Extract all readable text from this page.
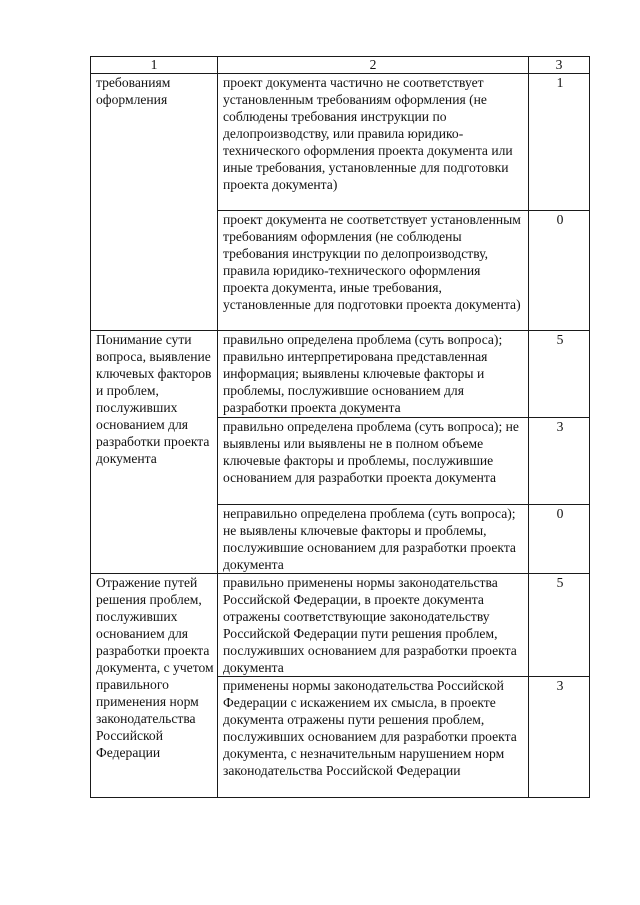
1	2	3
требованиям оформления	проект документа частично не соответствует установленным требованиям оформления (не соблюдены требования инструкции по делопроизводству, или правила юридико-технического оформления проекта документа или иные требования, установленные для подготовки проекта документа)	1
	проект документа не соответствует установленным требованиям оформления (не соблюдены требования инструкции по делопроизводству, правила юридико-технического оформления проекта документа, иные требования, установленные для подготовки проекта документа)	0
Понимание сути вопроса, выявление ключевых факторов и проблем, послуживших основанием для разработки проекта документа	правильно определена проблема (суть вопроса); правильно интерпретирована представленная информация; выявлены ключевые факторы и проблемы, послужившие основанием для разработки проекта документа	5
	правильно определена проблема (суть вопроса); не выявлены или выявлены не в полном объеме ключевые факторы и проблемы, послужившие основанием для разработки проекта документа	3
	неправильно определена проблема (суть вопроса); не выявлены ключевые факторы и проблемы, послужившие основанием для разработки проекта документа	0
Отражение путей решения проблем, послуживших основанием для разработки проекта документа, с учетом правильного применения норм законодательства Российской Федерации	правильно применены нормы законодательства Российской Федерации, в проекте документа отражены соответствующие законодательству Российской Федерации пути решения проблем, послуживших основанием для разработки проекта документа	5
	применены нормы законодательства Российской Федерации с искажением их смысла, в проекте документа отражены пути решения проблем, послуживших основанием для разработки проекта документа, с незначительным нарушением норм законодательства Российской Федерации	3
